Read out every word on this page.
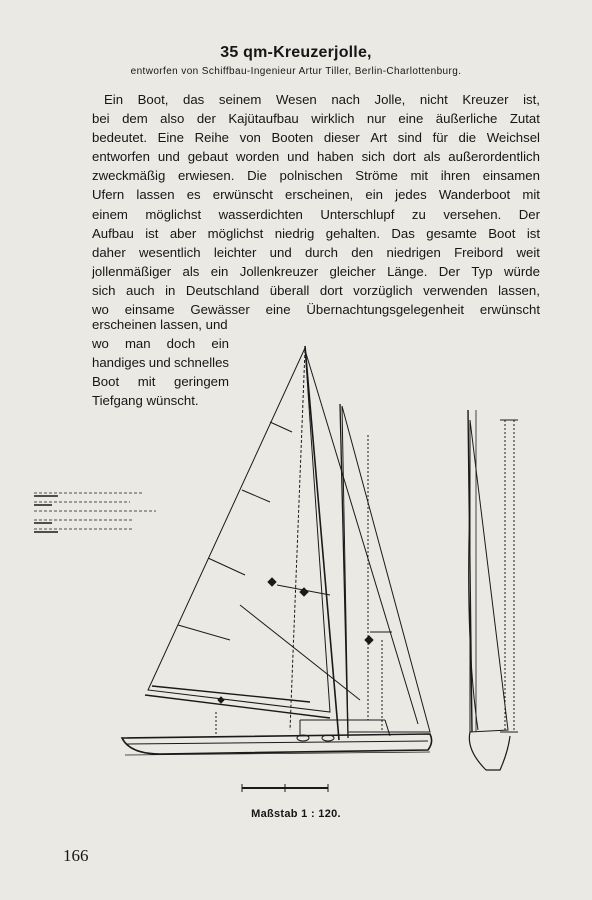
35 qm-Kreuzerjolle,
entworfen von Schiffbau-Ingenieur Artur Tiller, Berlin-Charlottenburg.
Ein Boot, das seinem Wesen nach Jolle, nicht Kreuzer ist,
bei dem also der Kajütaufbau wirklich nur eine äußerliche Zutat
bedeutet. Eine Reihe von Booten dieser Art sind für die Weichsel
entworfen und gebaut worden und haben sich dort als außerordentlich
zweckmäßig erwiesen. Die polnischen Ströme mit ihren einsamen
Ufern lassen es erwünscht erscheinen, ein jedes Wanderboot mit
einem möglichst wasserdichten Unterschlupf zu versehen. Der
Aufbau ist aber möglichst niedrig gehalten. Das gesamte Boot ist
daher wesentlich leichter und durch den niedrigen Freibord weit
jollenmäßiger als ein Jollenkreuzer gleicher Länge. Der Typ würde
sich auch in Deutschland überall dort vorzüglich verwenden lassen,
wo einsame Gewässer eine Übernachtungsgelegenheit erwünscht
erscheinen lassen, und
wo man doch ein
handiges und schnelles
Boot mit geringem
Tiefgang wünscht.
Maßstab 1 : 120.
166
